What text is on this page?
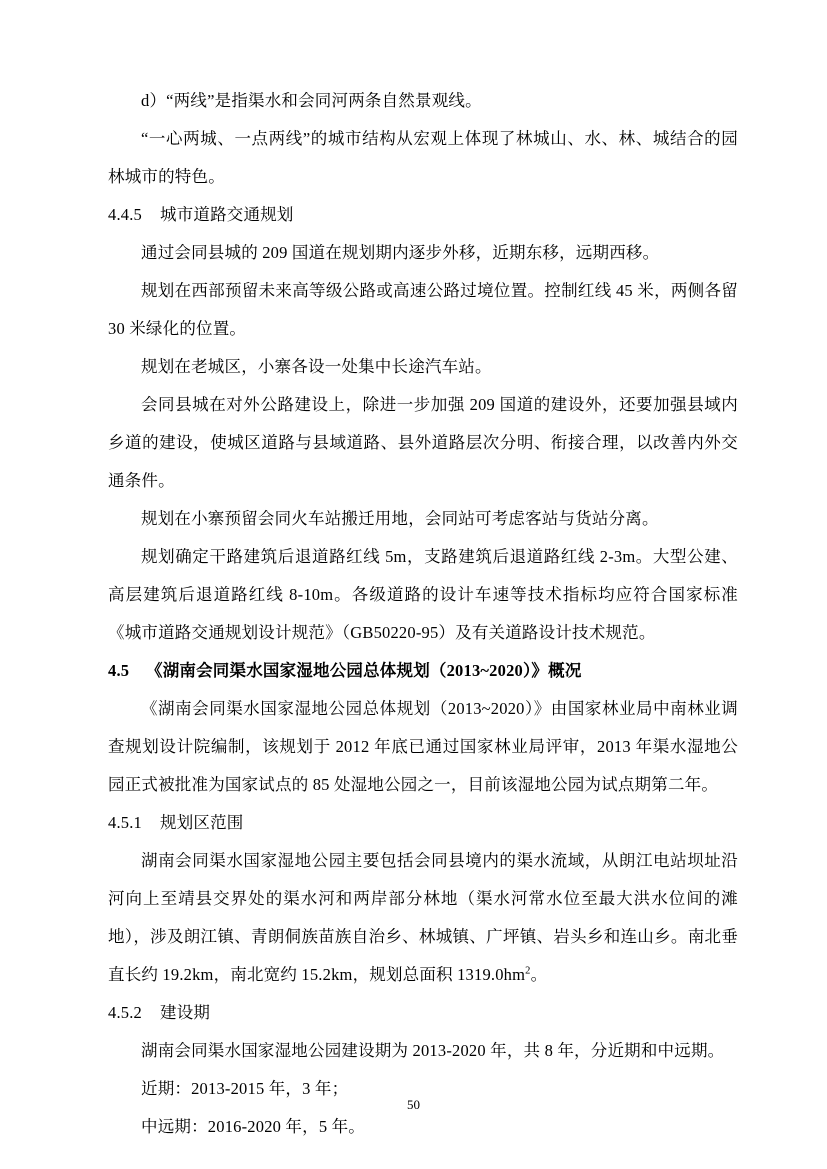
d）“两线”是指渠水和会同河两条自然景观线。

“一心两城、一点两线”的城市结构从宏观上体现了林城山、水、林、城结合的园林城市的特色。

4.4.5 城市道路交通规划

通过会同县城的 209 国道在规划期内逐步外移，近期东移，远期西移。

规划在西部预留未来高等级公路或高速公路过境位置。控制红线 45 米，两侧各留 30 米绿化的位置。

规划在老城区，小寨各设一处集中长途汽车站。

会同县城在对外公路建设上，除进一步加强 209 国道的建设外，还要加强县域内乡道的建设，使城区道路与县域道路、县外道路层次分明、衔接合理，以改善内外交通条件。

规划在小寨预留会同火车站搬迁用地，会同站可考虑客站与货站分离。

规划确定干路建筑后退道路红线 5m，支路建筑后退道路红线 2-3m。大型公建、高层建筑后退道路红线 8-10m。各级道路的设计车速等技术指标均应符合国家标准《城市道路交通规划设计规范》（GB50220-95）及有关道路设计技术规范。

4.5 《湖南会同渠水国家湿地公园总体规划（2013~2020）》概况

《湖南会同渠水国家湿地公园总体规划（2013~2020）》由国家林业局中南林业调查规划设计院编制，该规划于 2012 年底已通过国家林业局评审，2013 年渠水湿地公园正式被批准为国家试点的 85 处湿地公园之一，目前该湿地公园为试点期第二年。

4.5.1 规划区范围

湖南会同渠水国家湿地公园主要包括会同县境内的渠水流域，从朗江电站坝址沿河向上至靖县交界处的渠水河和两岸部分林地（渠水河常水位至最大洪水位间的滩地），涉及朗江镇、青朗侗族苗族自治乡、林城镇、广坪镇、岩头乡和连山乡。南北垂直长约 19.2km，南北宽约 15.2km，规划总面积 $1319.0hm^2$。

4.5.2 建设期

湖南会同渠水国家湿地公园建设期为 2013-2020 年，共 8 年，分近期和中远期。

近期：2013-2015 年，3 年；

中远期：2016-2020 年，5 年。

50
